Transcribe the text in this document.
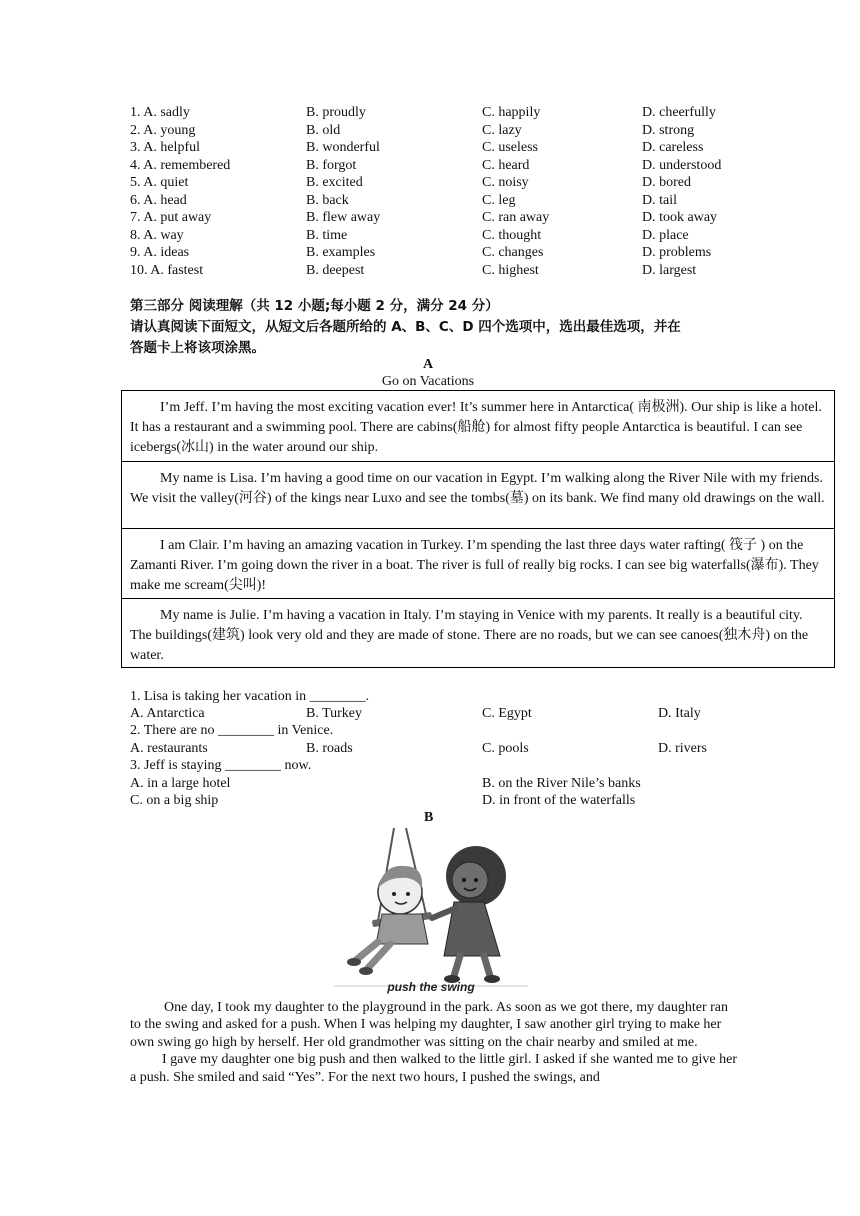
1. A. sadly	B. proudly	C. happily	D. cheerfully
2. A. young	B. old	C. lazy	D. strong
3. A. helpful	B. wonderful	C. useless	D. careless
4. A. remembered	B. forgot	C. heard	D. understood
5. A. quiet	B. excited	C. noisy	D. bored
6. A. head	B. back	C. leg	D. tail
7. A. put away	B. flew away	C. ran away	D. took away
8. A. way	B. time	C. thought	D. place
9. A. ideas	B. examples	C. changes	D. problems
10. A. fastest	B. deepest	C. highest	D. largest
第三部分 阅读理解（共 12 小题;每小题 2 分，满分 24 分）
请认真阅读下面短文，从短文后各题所给的 A、B、C、D 四个选项中，选出最佳选项，并在
答题卡上将该项涂黑。
A
Go on Vacations

I’m Jeff. I’m having the most exciting vacation ever! It’s summer here in Antarctica( 南极洲). Our ship is like a hotel. It has a restaurant and a swimming pool. There are cabins(船舱) for almost fifty people Antarctica is beautiful. I can see icebergs(冰山) in the water around our ship.

My name is Lisa. I’m having a good time on our vacation in Egypt. I’m walking along the River Nile with my friends. We visit the valley(河谷) of the kings near Luxo and see the tombs(墓) on its bank. We find many old drawings on the wall.

I am Clair. I’m having an amazing vacation in Turkey. I’m spending the last three days water rafting( 筏子 ) on the Zamanti River. I’m going down the river in a boat. The river is full of really big rocks. I can see big waterfalls(瀑布). They make me scream(尖叫)!

My name is Julie. I’m having a vacation in Italy. I’m staying in Venice with my parents. It really is a beautiful city. The buildings(建筑) look very old and they are made of stone. There are no roads, but we can see canoes(独木舟) on the water.

1. Lisa is taking her vacation in ________.
A. Antarctica	B. Turkey	C. Egypt	D. Italy
2. There are no ________ in Venice.
A. restaurants	B. roads	C. pools	D. rivers
3. Jeff is staying ________ now.
A. in a large hotel	B. on the River Nile’s banks
C. on a big ship	D. in front of the waterfalls
B
push the swing

One day, I took my daughter to the playground in the park. As soon as we got there, my daughter ran to the swing and asked for a push. When I was helping my daughter, I saw another girl trying to make her own swing go high by herself. Her old grandmother was sitting on the chair nearby and smiled at me.

I gave my daughter one big push and then walked to the little girl. I asked if she wanted me to give her a push. She smiled and said “Yes”. For the next two hours, I pushed the swings, and
